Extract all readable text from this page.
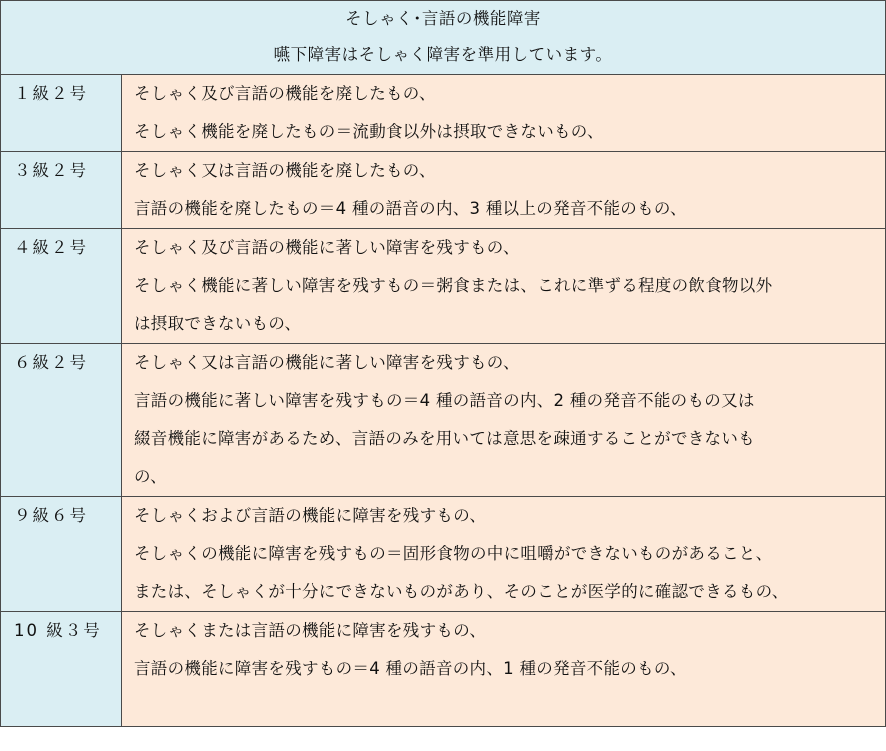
そしゃく･言語の機能障害
嚥下障害はそしゃく障害を準用しています。	

１級２号	そしゃく及び言語の機能を廃したもの、
そしゃく機能を廃したもの＝流動食以外は摂取できないもの、

３級２号	そしゃく又は言語の機能を廃したもの、
言語の機能を廃したもの＝4 種の語音の内、3 種以上の発音不能のもの、

４級２号	そしゃく及び言語の機能に著しい障害を残すもの、
そしゃく機能に著しい障害を残すもの＝粥食または、これに準ずる程度の飲食物以外
は摂取できないもの、

６級２号	そしゃく又は言語の機能に著しい障害を残すもの、
言語の機能に著しい障害を残すもの＝4 種の語音の内、2 種の発音不能のもの又は
綴音機能に障害があるため、言語のみを用いては意思を疎通することができないも
の、

９級６号	そしゃくおよび言語の機能に障害を残すもの、
そしゃくの機能に障害を残すもの＝固形食物の中に咀嚼ができないものがあること、
または、そしゃくが十分にできないものがあり、そのことが医学的に確認できるもの、

10 級３号	そしゃくまたは言語の機能に障害を残すもの、
言語の機能に障害を残すもの＝4 種の語音の内、1 種の発音不能のもの、
